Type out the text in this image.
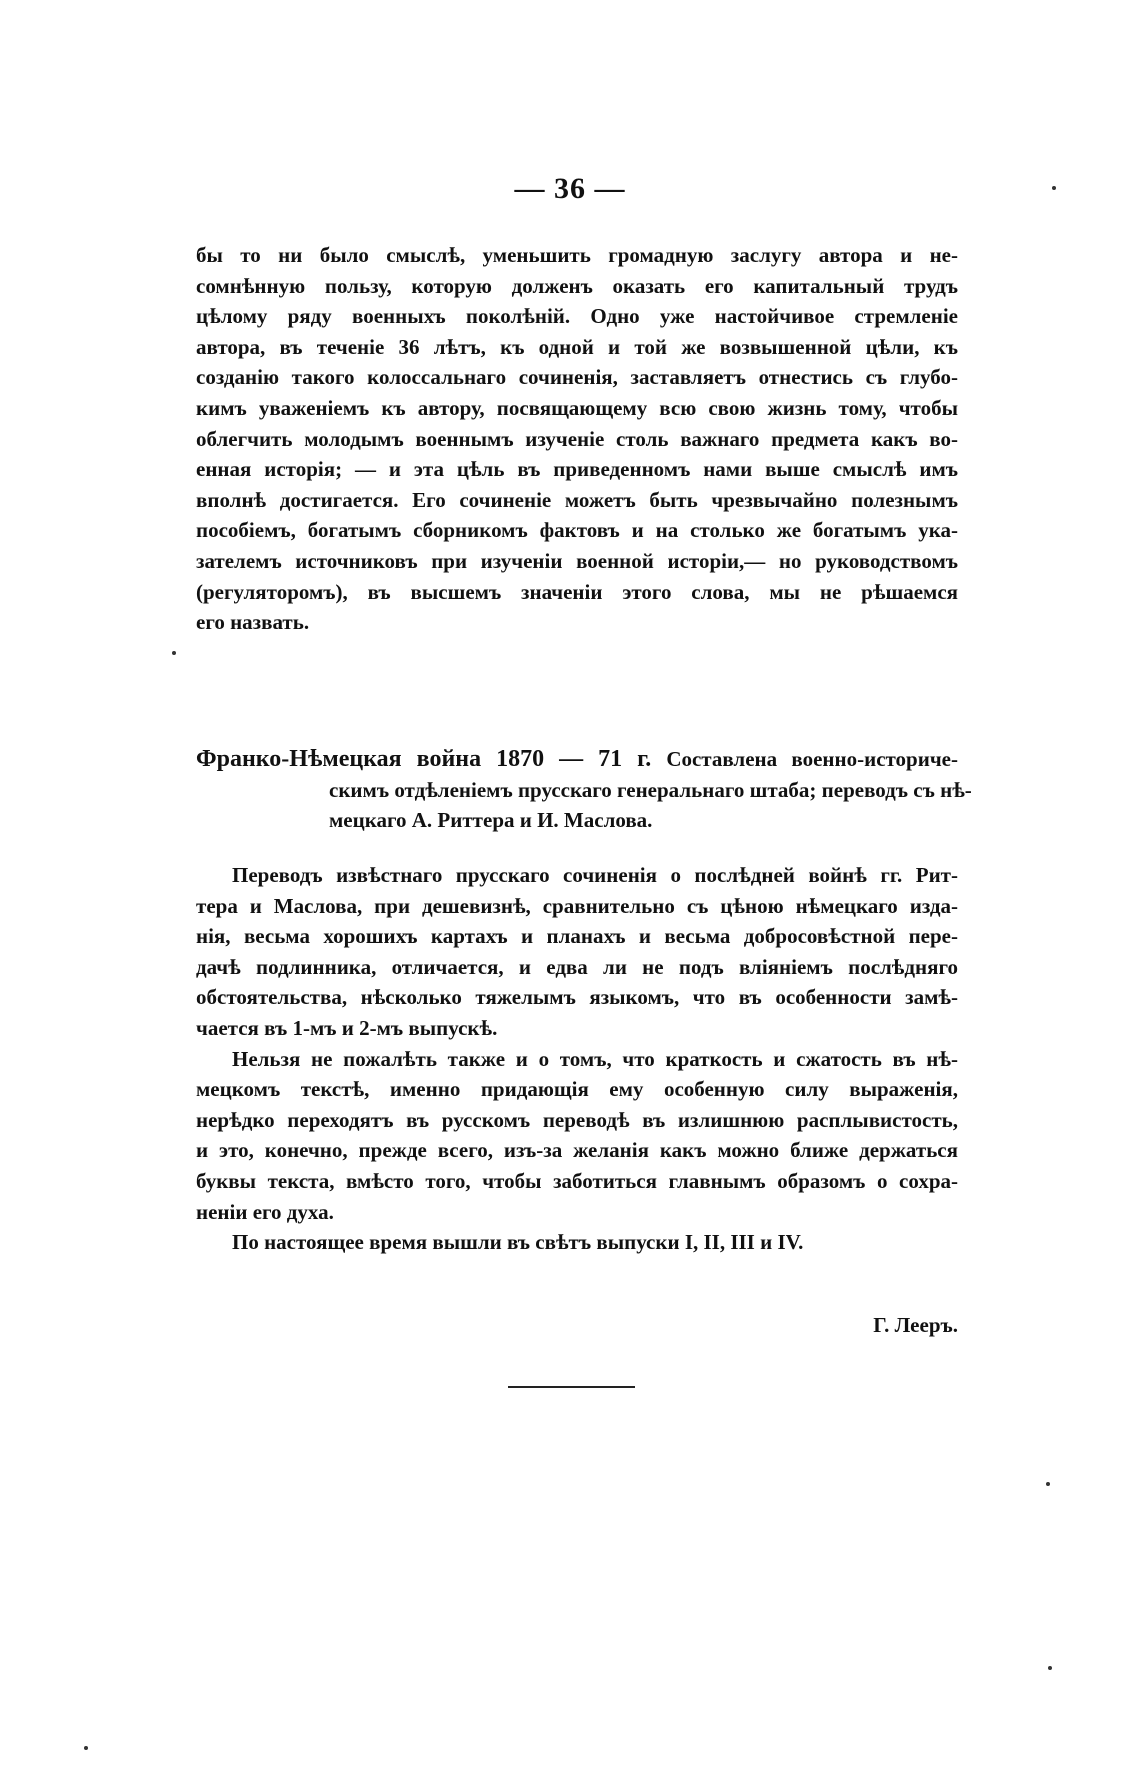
— 36 —
бы то ни было смыслѣ, уменьшить громадную заслугу автора и не-
сомнѣнную пользу, которую долженъ оказать его капитальный трудъ
цѣлому ряду военныхъ поколѣній. Одно уже настойчивое стремленіе
автора, въ теченіе 36 лѣтъ, къ одной и той же возвышенной цѣли, къ
созданію такого колоссальнаго сочиненія, заставляетъ отнестись съ глубо-
кимъ уваженіемъ къ автору, посвящающему всю свою жизнь тому, чтобы
облегчить молодымъ военнымъ изученіе столь важнаго предмета какъ во-
енная исторія; — и эта цѣль въ приведенномъ нами выше смыслѣ имъ
вполнѣ достигается. Его сочиненіе можетъ быть чрезвычайно полезнымъ
пособіемъ, богатымъ сборникомъ фактовъ и на столько же богатымъ ука-
зателемъ источниковъ при изученіи военной исторіи,— но руководствомъ
(регуляторомъ), въ высшемъ значеніи этого слова, мы не рѣшаемся
его назвать.
Франко-Нѣмецкая война 1870 — 71 г. Составлена военно-историче-
скимъ отдѣленіемъ прусскаго генеральнаго штаба; переводъ съ нѣ-
мецкаго А. Риттера и И. Маслова.
Переводъ извѣстнаго прусскаго сочиненія о послѣдней войнѣ гг. Рит-
тера и Маслова, при дешевизнѣ, сравнительно съ цѣною нѣмецкаго изда-
нія, весьма хорошихъ картахъ и планахъ и весьма добросовѣстной пере-
дачѣ подлинника, отличается, и едва ли не подъ вліяніемъ послѣдняго
обстоятельства, нѣсколько тяжелымъ языкомъ, что въ особенности замѣ-
чается въ 1-мъ и 2-мъ выпускѣ.
Нельзя не пожалѣть также и о томъ, что краткость и сжатость въ нѣ-
мецкомъ текстѣ, именно придающія ему особенную силу выраженія,
нерѣдко переходятъ въ русскомъ переводѣ въ излишнюю расплывистость,
и это, конечно, прежде всего, изъ-за желанія какъ можно ближе держаться
буквы текста, вмѣсто того, чтобы заботиться главнымъ образомъ о сохра-
неніи его духа.
По настоящее время вышли въ свѣтъ выпуски I, II, III и IV.
Г. Лееръ.
